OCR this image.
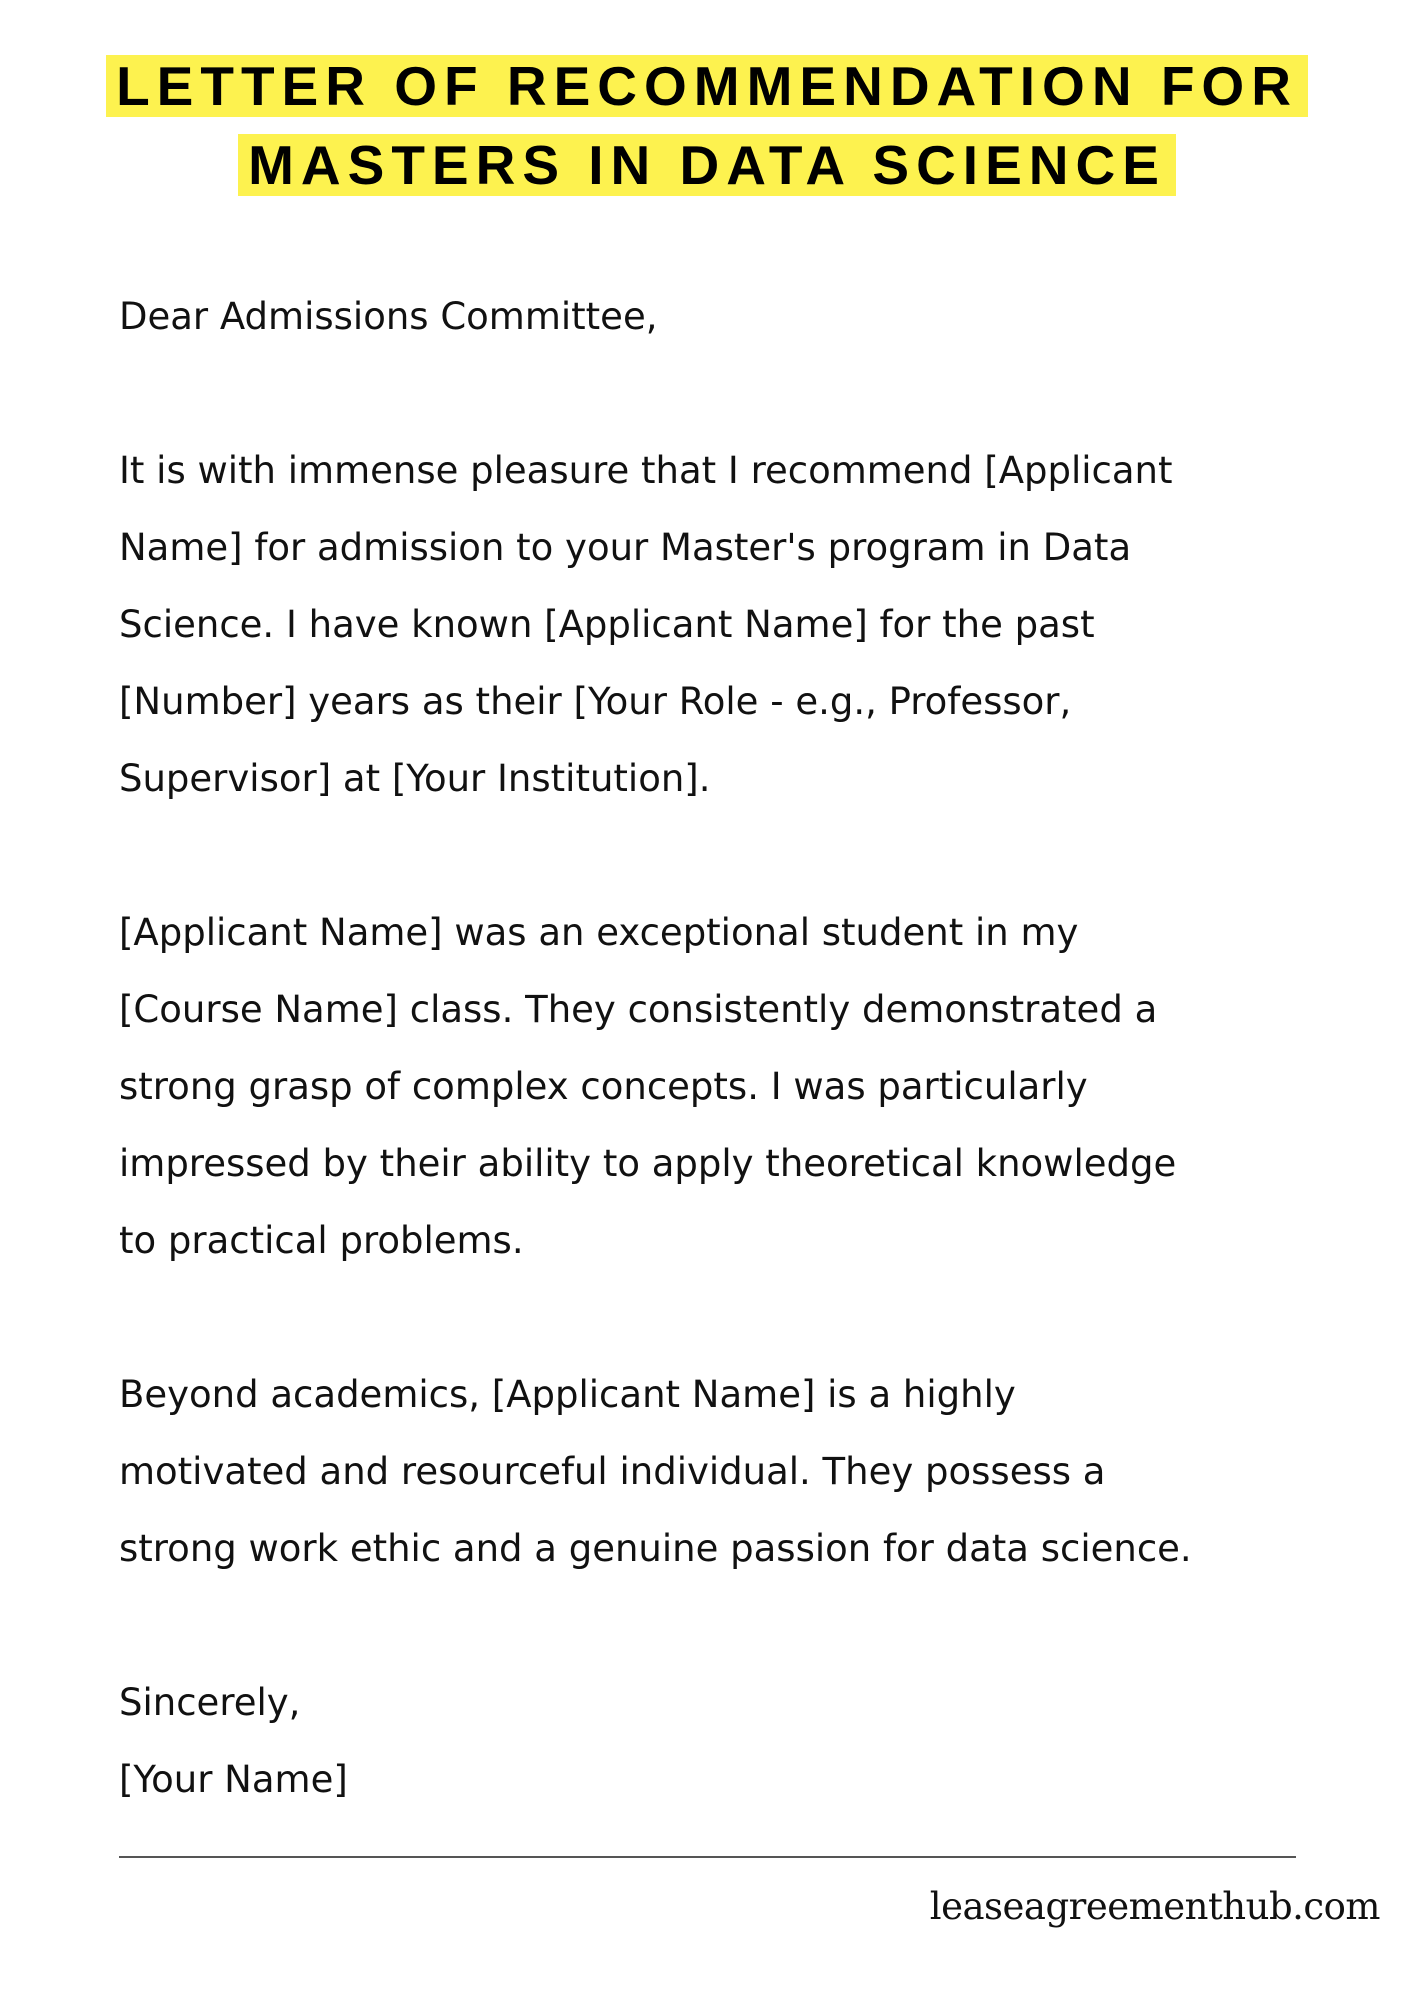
LETTER OF RECOMMENDATION FOR
MASTERS IN DATA SCIENCE

Dear Admissions Committee,

It is with immense pleasure that I recommend [Applicant

Name] for admission to your Master's program in Data

Science. I have known [Applicant Name] for the past

[Number] years as their [Your Role - e.g., Professor,

Supervisor] at [Your Institution].

[Applicant Name] was an exceptional student in my

[Course Name] class. They consistently demonstrated a

strong grasp of complex concepts. I was particularly

impressed by their ability to apply theoretical knowledge

to practical problems.

Beyond academics, [Applicant Name] is a highly

motivated and resourceful individual. They possess a

strong work ethic and a genuine passion for data science.

Sincerely,

[Your Name]

leaseagreementhub.com
